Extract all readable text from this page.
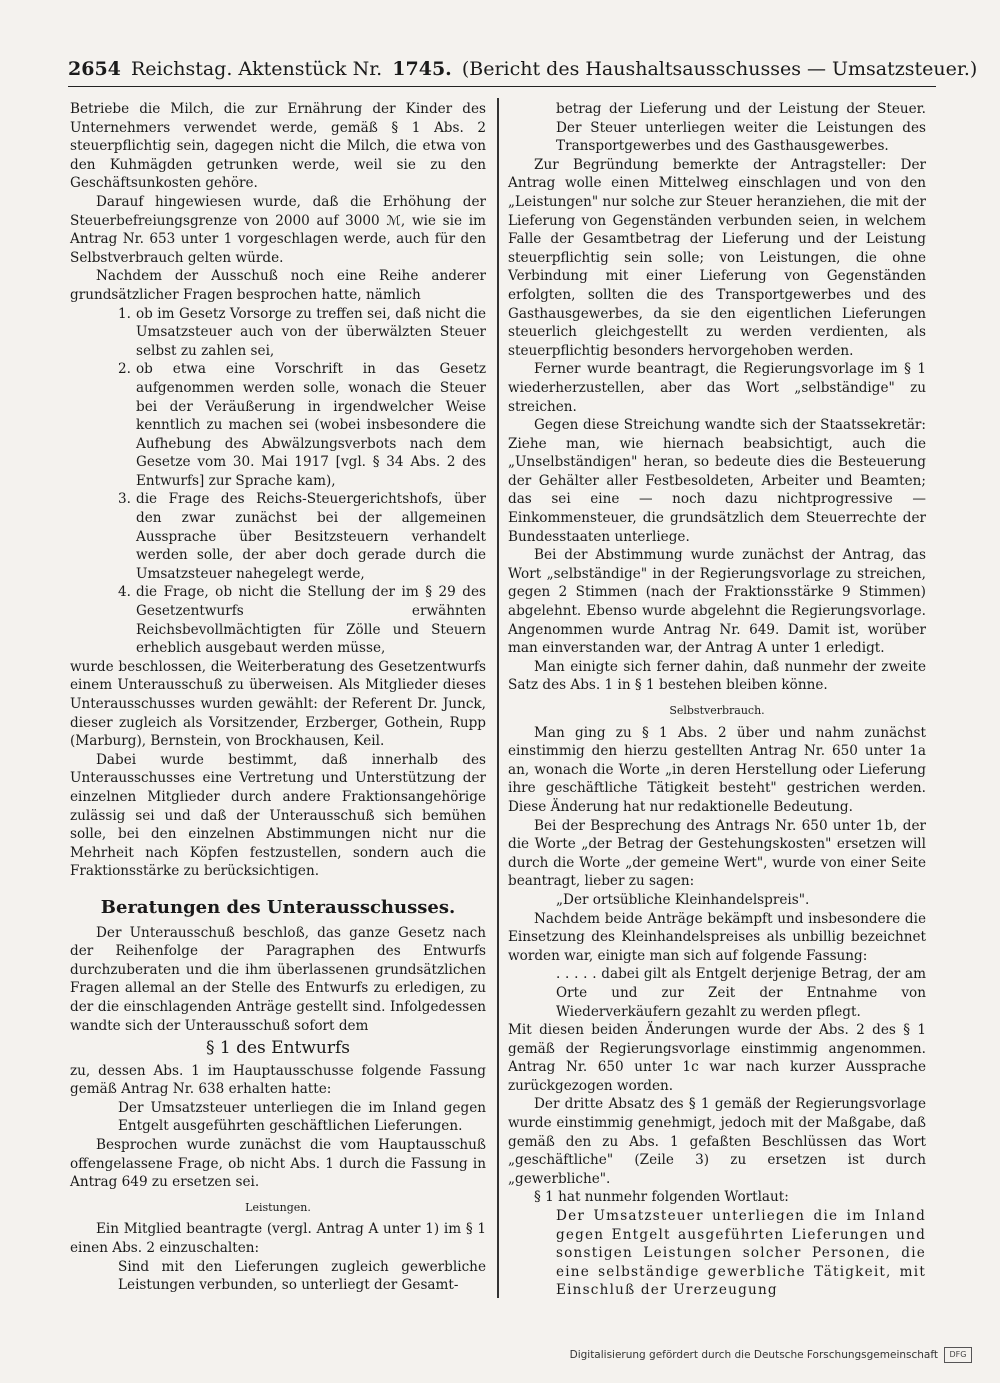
2654 Reichstag. Aktenstück Nr. 1745. (Bericht des Haushaltsausschusses — Umsatzsteuer.)

Betriebe die Milch, die zur Ernährung der Kinder des Unternehmers verwendet werde, gemäß § 1 Abs. 2 steuerpflichtig sein, dagegen nicht die Milch, die etwa von den Kuhmägden getrunken werde, weil sie zu den Geschäftsunkosten gehöre.

Darauf hingewiesen wurde, daß die Erhöhung der Steuerbefreiungsgrenze von 2000 auf 3000 ℳ, wie sie im Antrag Nr. 653 unter 1 vorgeschlagen werde, auch für den Selbstverbrauch gelten würde.

Nachdem der Ausschuß noch eine Reihe anderer grundsätzlicher Fragen besprochen hatte, nämlich

1. ob im Gesetz Vorsorge zu treffen sei, daß nicht die Umsatzsteuer auch von der überwälzten Steuer selbst zu zahlen sei,
2. ob etwa eine Vorschrift in das Gesetz aufgenommen werden solle, wonach die Steuer bei der Veräußerung in irgendwelcher Weise kenntlich zu machen sei (wobei insbesondere die Aufhebung des Abwälzungsverbots nach dem Gesetze vom 30. Mai 1917 [vgl. § 34 Abs. 2 des Entwurfs] zur Sprache kam),
3. die Frage des Reichs-Steuergerichtshofs, über den zwar zunächst bei der allgemeinen Aussprache über Besitzsteuern verhandelt werden solle, der aber doch gerade durch die Umsatzsteuer nahegelegt werde,
4. die Frage, ob nicht die Stellung der im § 29 des Gesetzentwurfs erwähnten Reichsbevollmächtigten für Zölle und Steuern erheblich ausgebaut werden müsse,

wurde beschlossen, die Weiterberatung des Gesetzentwurfs einem Unterausschuß zu überweisen. Als Mitglieder dieses Unterausschusses wurden gewählt: der Referent Dr. Junck, dieser zugleich als Vorsitzender, Erzberger, Gothein, Rupp (Marburg), Bernstein, von Brockhausen, Keil.

Dabei wurde bestimmt, daß innerhalb des Unterausschusses eine Vertretung und Unterstützung der einzelnen Mitglieder durch andere Fraktionsangehörige zulässig sei und daß der Unterausschuß sich bemühen solle, bei den einzelnen Abstimmungen nicht nur die Mehrheit nach Köpfen festzustellen, sondern auch die Fraktionsstärke zu berücksichtigen.

Beratungen des Unterausschusses.

Der Unterausschuß beschloß, das ganze Gesetz nach der Reihenfolge der Paragraphen des Entwurfs durchzuberaten und die ihm überlassenen grundsätzlichen Fragen allemal an der Stelle des Entwurfs zu erledigen, zu der die einschlagenden Anträge gestellt sind. Infolgedessen wandte sich der Unterausschuß sofort dem

§ 1 des Entwurfs

zu, dessen Abs. 1 im Hauptausschusse folgende Fassung gemäß Antrag Nr. 638 erhalten hatte:

Der Umsatzsteuer unterliegen die im Inland gegen Entgelt ausgeführten geschäftlichen Lieferungen.

Besprochen wurde zunächst die vom Hauptausschuß offengelassene Frage, ob nicht Abs. 1 durch die Fassung in Antrag 649 zu ersetzen sei.

Leistungen.

Ein Mitglied beantragte (vergl. Antrag A unter 1) im § 1 einen Abs. 2 einzuschalten:

Sind mit den Lieferungen zugleich gewerbliche Leistungen verbunden, so unterliegt der Gesamt-

betrag der Lieferung und der Leistung der Steuer. Der Steuer unterliegen weiter die Leistungen des Transportgewerbes und des Gasthausgewerbes.

Zur Begründung bemerkte der Antragsteller: Der Antrag wolle einen Mittelweg einschlagen und von den „Leistungen" nur solche zur Steuer heranziehen, die mit der Lieferung von Gegenständen verbunden seien, in welchem Falle der Gesamtbetrag der Lieferung und der Leistung steuerpflichtig sein solle; von Leistungen, die ohne Verbindung mit einer Lieferung von Gegenständen erfolgten, sollten die des Transportgewerbes und des Gasthausgewerbes, da sie den eigentlichen Lieferungen steuerlich gleichgestellt zu werden verdienten, als steuerpflichtig besonders hervorgehoben werden.

Ferner wurde beantragt, die Regierungsvorlage im § 1 wiederherzustellen, aber das Wort „selbständige" zu streichen.

Gegen diese Streichung wandte sich der Staatssekretär: Ziehe man, wie hiernach beabsichtigt, auch die „Unselbständigen" heran, so bedeute dies die Besteuerung der Gehälter aller Festbesoldeten, Arbeiter und Beamten; das sei eine — noch dazu nichtprogressive — Einkommensteuer, die grundsätzlich dem Steuerrechte der Bundesstaaten unterliege.

Bei der Abstimmung wurde zunächst der Antrag, das Wort „selbständige" in der Regierungsvorlage zu streichen, gegen 2 Stimmen (nach der Fraktionsstärke 9 Stimmen) abgelehnt. Ebenso wurde abgelehnt die Regierungsvorlage. Angenommen wurde Antrag Nr. 649. Damit ist, worüber man einverstanden war, der Antrag A unter 1 erledigt.

Man einigte sich ferner dahin, daß nunmehr der zweite Satz des Abs. 1 in § 1 bestehen bleiben könne.

Selbstverbrauch.

Man ging zu § 1 Abs. 2 über und nahm zunächst einstimmig den hierzu gestellten Antrag Nr. 650 unter 1a an, wonach die Worte „in deren Herstellung oder Lieferung ihre geschäftliche Tätigkeit besteht" gestrichen werden. Diese Änderung hat nur redaktionelle Bedeutung.

Bei der Besprechung des Antrags Nr. 650 unter 1b, der die Worte „der Betrag der Gestehungskosten" ersetzen will durch die Worte „der gemeine Wert", wurde von einer Seite beantragt, lieber zu sagen:

„Der ortsübliche Kleinhandelspreis".

Nachdem beide Anträge bekämpft und insbesondere die Einsetzung des Kleinhandelspreises als unbillig bezeichnet worden war, einigte man sich auf folgende Fassung:

. . . . . dabei gilt als Entgelt derjenige Betrag, der am Orte und zur Zeit der Entnahme von Wiederverkäufern gezahlt zu werden pflegt.

Mit diesen beiden Änderungen wurde der Abs. 2 des § 1 gemäß der Regierungsvorlage einstimmig angenommen. Antrag Nr. 650 unter 1c war nach kurzer Aussprache zurückgezogen worden.

Der dritte Absatz des § 1 gemäß der Regierungsvorlage wurde einstimmig genehmigt, jedoch mit der Maßgabe, daß gemäß den zu Abs. 1 gefaßten Beschlüssen das Wort „geschäftliche" (Zeile 3) zu ersetzen ist durch „gewerbliche".

§ 1 hat nunmehr folgenden Wortlaut:

Der Umsatzsteuer unterliegen die im Inland gegen Entgelt ausgeführten Lieferungen und sonstigen Leistungen solcher Personen, die eine selbständige gewerbliche Tätigkeit, mit Einschluß der Urerzeugung

Digitalisierung gefördert durch die Deutsche Forschungsgemeinschaft	DFG
